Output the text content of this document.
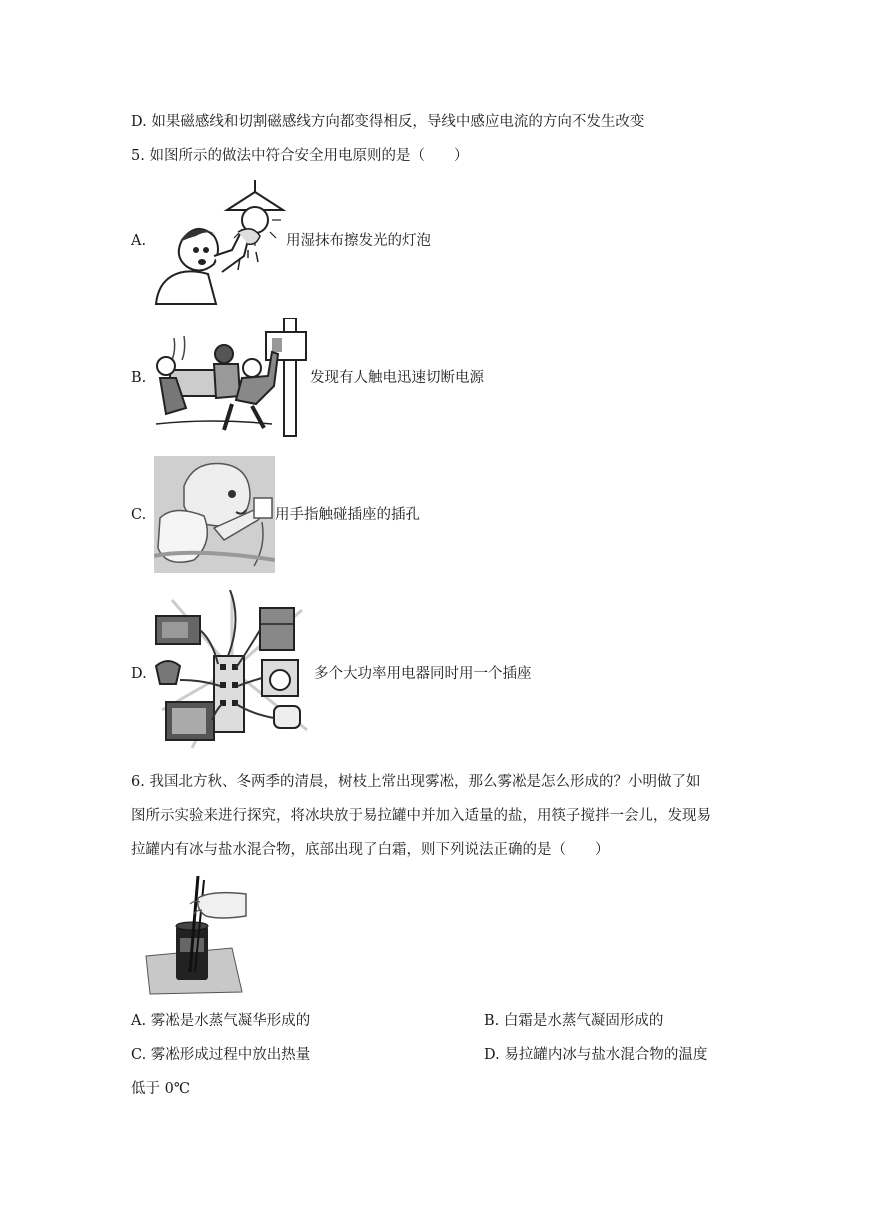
D. 如果磁感线和切割磁感线方向都变得相反，导线中感应电流的方向不发生改变
5. 如图所示的做法中符合安全用电原则的是（　　）
A.	用湿抹布擦发光的灯泡
B.	发现有人触电迅速切断电源
C.	用手指触碰插座的插孔
D.	多个大功率用电器同时用一个插座
6. 我国北方秋、冬两季的清晨，树枝上常出现雾凇，那么雾凇是怎么形成的？小明做了如
图所示实验来进行探究，将冰块放于易拉罐中并加入适量的盐，用筷子搅拌一会儿，发现易
拉罐内有冰与盐水混合物，底部出现了白霜，则下列说法正确的是（　　）
A. 雾凇是水蒸气凝华形成的	B. 白霜是水蒸气凝固形成的
C. 雾凇形成过程中放出热量	D. 易拉罐内冰与盐水混合物的温度
低于 0℃
